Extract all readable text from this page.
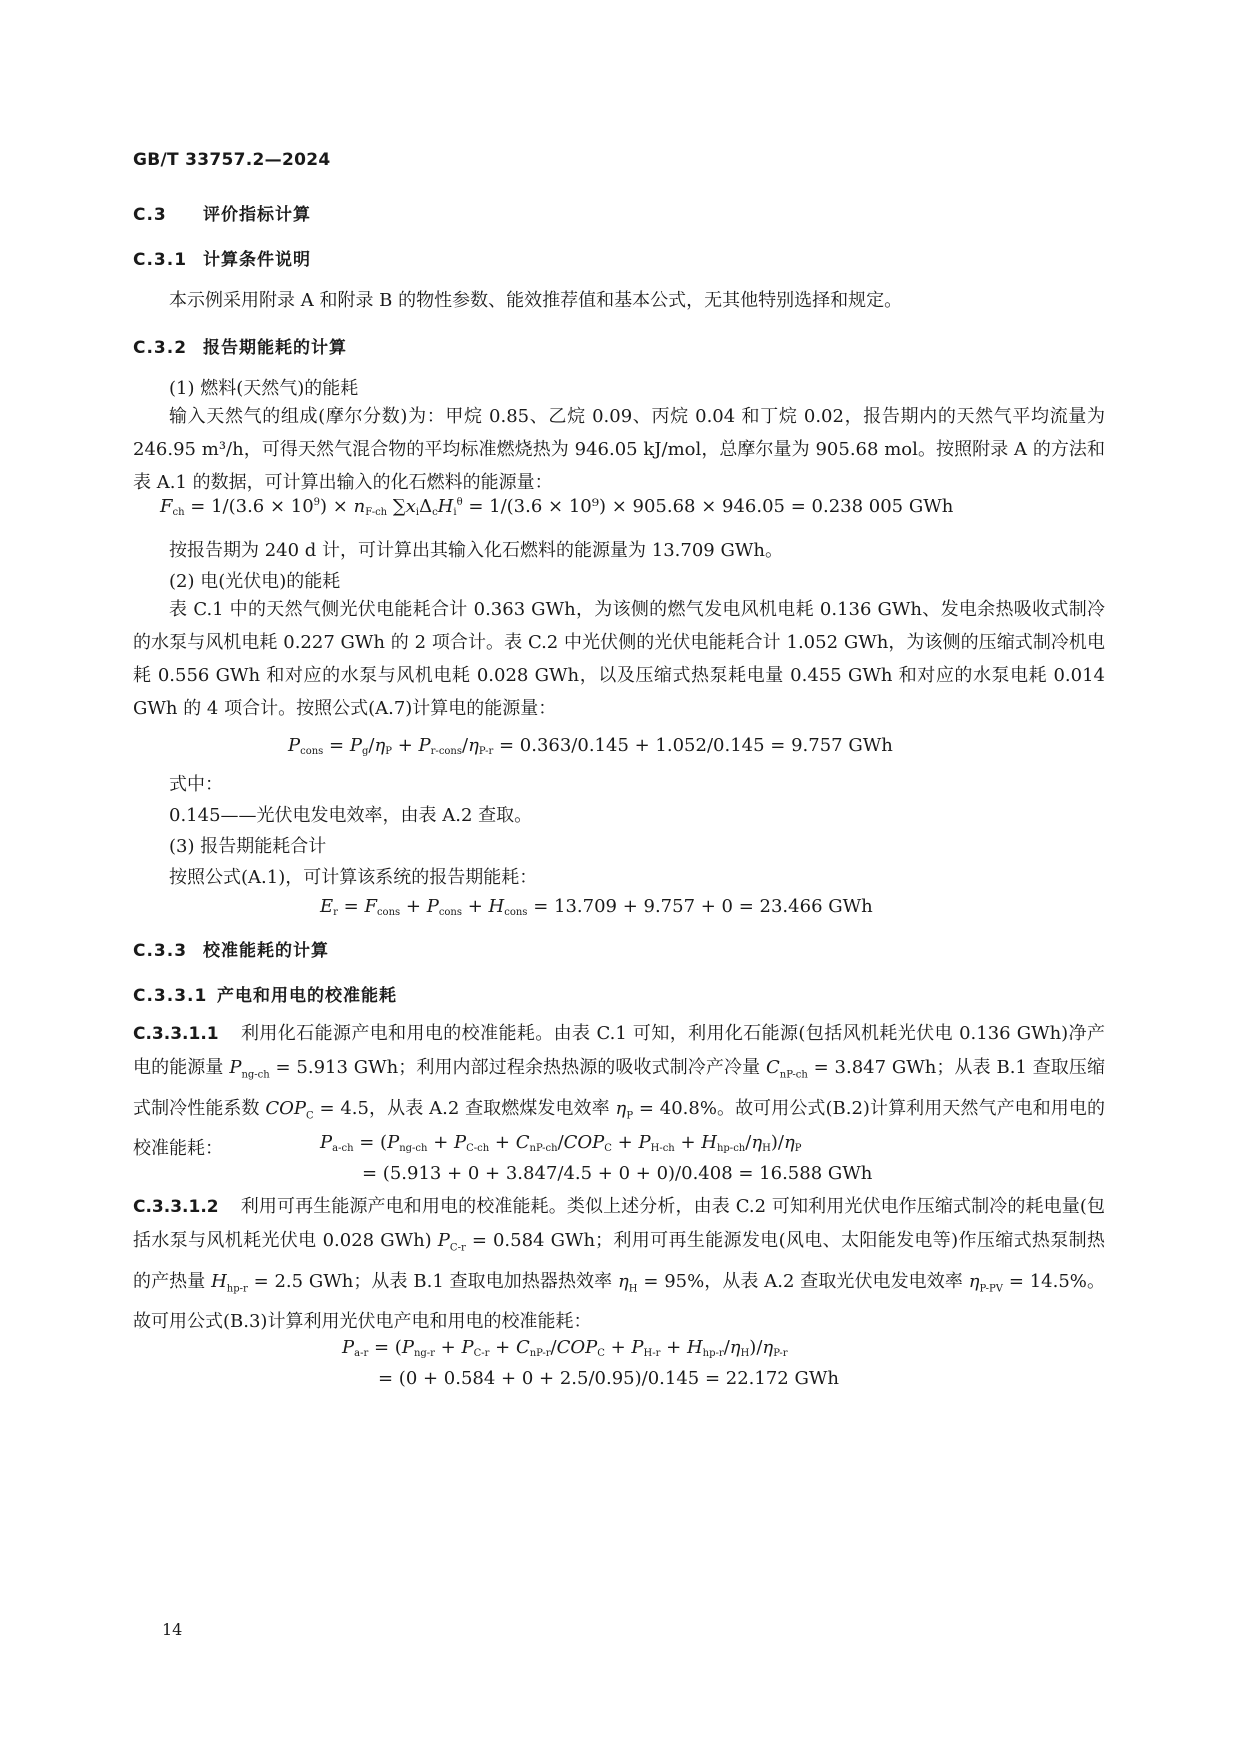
GB/T 33757.2—2024
C.3 评价指标计算
C.3.1 计算条件说明
本示例采用附录 A 和附录 B 的物性参数、能效推荐值和基本公式，无其他特别选择和规定。
C.3.2 报告期能耗的计算
(1) 燃料(天然气)的能耗
输入天然气的组成(摩尔分数)为：甲烷 0.85、乙烷 0.09、丙烷 0.04 和丁烷 0.02，报告期内的天然气平均流量为 246.95 m³/h，可得天然气混合物的平均标准燃烧热为 946.05 kJ/mol，总摩尔量为 905.68 mol。按照附录 A 的方法和表 A.1 的数据，可计算出输入的化石燃料的能源量：
$F_{ch} = 1/(3.6 \times 10^9) \times n_{F-ch}$ $\sum x_i\Delta_cH_i^\theta = 1/(3.6 \times 10^9) \times 905.68 \times 946.05 = 0.238$ 005 GWh
按报告期为 240 d 计，可计算出其输入化石燃料的能源量为 13.709 GWh。
(2) 电(光伏电)的能耗
表 C.1 中的天然气侧光伏电能耗合计 0.363 GWh，为该侧的燃气发电风机电耗 0.136 GWh、发电余热吸收式制冷的水泵与风机电耗 0.227 GWh 的 2 项合计。表 C.2 中光伏侧的光伏电能耗合计 1.052 GWh，为该侧的压缩式制冷机电耗 0.556 GWh 和对应的水泵与风机电耗 0.028 GWh，以及压缩式热泵耗电量 0.455 GWh 和对应的水泵电耗 0.014 GWh 的 4 项合计。按照公式(A.7)计算电的能源量：
$P_{cons} = P_g/\eta_P + P_{r-cons}/\eta_{P-r} = 0.363/0.145 + 1.052/0.145 = 9.757$ GWh
式中：
0.145——光伏电发电效率，由表 A.2 查取。
(3) 报告期能耗合计
按照公式(A.1)，可计算该系统的报告期能耗：
$E_r = F_{cons} + P_{cons} + H_{cons} = 13.709 + 9.757 + 0 = 23.466$ GWh
C.3.3 校准能耗的计算
C.3.3.1 产电和用电的校准能耗
C.3.3.1.1 利用化石能源产电和用电的校准能耗。由表 C.1 可知，利用化石能源(包括风机耗光伏电 0.136 GWh)净产电的能源量 $P_{ng-ch} = 5.913$ GWh；利用内部过程余热热源的吸收式制冷产冷量 $C_{nP-ch} = 3.847$ GWh；从表 B.1 查取压缩式制冷性能系数 $COP_C = 4.5$，从表 A.2 查取燃煤发电效率 $\eta_P = 40.8\%$。故可用公式(B.2)计算利用天然气产电和用电的校准能耗：	$P_{a-ch} = (P_{ng-ch} + P_{C-ch} + C_{nP-ch}/COP_C + P_{H-ch} + H_{hp-ch}/\eta_H)/\eta_P$
= (5.913 + 0 + 3.847/4.5 + 0 + 0)/0.408 = 16.588 GWh
C.3.3.1.2 利用可再生能源产电和用电的校准能耗。类似上述分析，由表 C.2 可知利用光伏电作压缩式制冷的耗电量(包括水泵与风机耗光伏电 0.028 GWh) $P_{C-r} = 0.584$ GWh；利用可再生能源发电(风电、太阳能发电等)作压缩式热泵制热的产热量 $H_{hp-r} = 2.5$ GWh；从表 B.1 查取电加热器热效率 $\eta_H = 95\%$，从表 A.2 查取光伏电发电效率 $\eta_{P-PV} = 14.5\%$。故可用公式(B.3)计算利用光伏电产电和用电的校准能耗：
$P_{a-r} = (P_{ng-r} + P_{C-r} + C_{nP-r}/COP_C + P_{H-r} + H_{hp-r}/\eta_H)/\eta_{P-r}$
= (0 + 0.584 + 0 + 2.5/0.95)/0.145 = 22.172 GWh
14
